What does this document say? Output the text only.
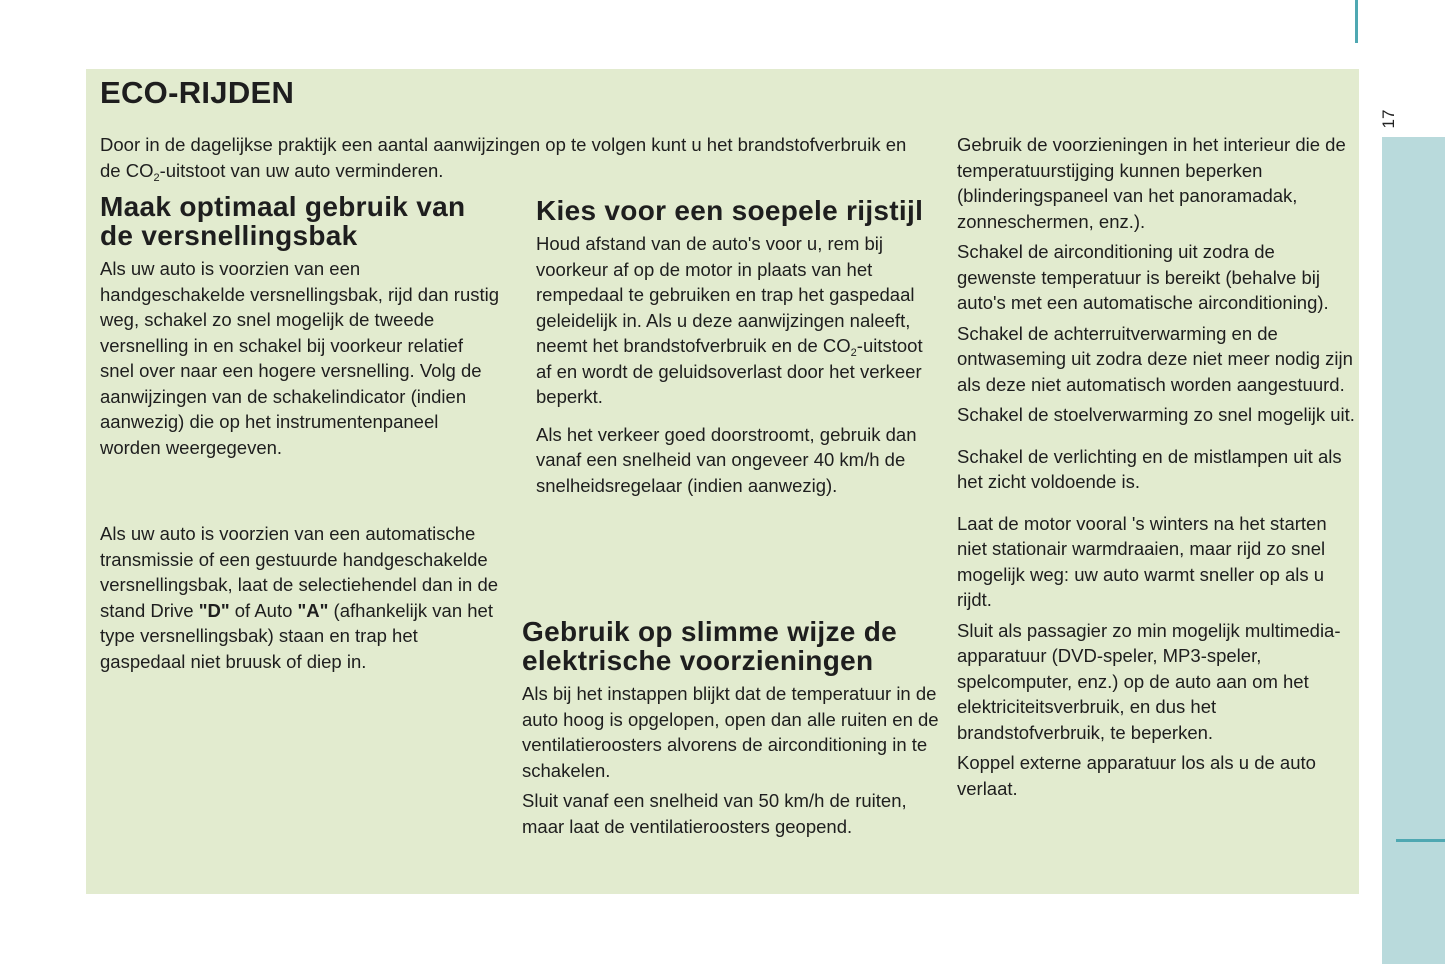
17
ECO-RIJDEN

Door in de dagelijkse praktijk een aantal aanwijzingen op te volgen kunt u het brandstofverbruik en de $CO_2$-uitstoot van uw auto verminderen.

Maak optimaal gebruik van de versnellingsbak

Als uw auto is voorzien van een handgeschakelde versnellingsbak, rijd dan rustig weg, schakel zo snel mogelijk de tweede versnelling in en schakel bij voorkeur relatief snel over naar een hogere versnelling. Volg de aanwijzingen van de schakelindicator (indien aanwezig) die op het instrumentenpaneel worden weergegeven.

Als uw auto is voorzien van een automatische transmissie of een gestuurde handgeschakelde versnellingsbak, laat de selectiehendel dan in de stand Drive "D" of Auto "A" (afhankelijk van het type versnellingsbak) staan en trap het gaspedaal niet bruusk of diep in.

Kies voor een soepele rijstijl

Houd afstand van de auto's voor u, rem bij voorkeur af op de motor in plaats van het rempedaal te gebruiken en trap het gaspedaal geleidelijk in. Als u deze aanwijzingen naleeft, neemt het brandstofverbruik en de $CO_2$-uitstoot af en wordt de geluidsoverlast door het verkeer beperkt.

Als het verkeer goed doorstroomt, gebruik dan vanaf een snelheid van ongeveer 40 km/h de snelheidsregelaar (indien aanwezig).

Gebruik op slimme wijze de elektrische voorzieningen

Als bij het instappen blijkt dat de temperatuur in de auto hoog is opgelopen, open dan alle ruiten en de ventilatieroosters alvorens de airconditioning in te schakelen.

Sluit vanaf een snelheid van 50 km/h de ruiten, maar laat de ventilatieroosters geopend.

Gebruik de voorzieningen in het interieur die de temperatuurstijging kunnen beperken (blinderingspaneel van het panoramadak, zonneschermen, enz.).

Schakel de airconditioning uit zodra de gewenste temperatuur is bereikt (behalve bij auto's met een automatische airconditioning).

Schakel de achterruitverwarming en de ontwaseming uit zodra deze niet meer nodig zijn als deze niet automatisch worden aangestuurd.

Schakel de stoelverwarming zo snel mogelijk uit.

Schakel de verlichting en de mistlampen uit als het zicht voldoende is.

Laat de motor vooral 's winters na het starten niet stationair warmdraaien, maar rijd zo snel mogelijk weg: uw auto warmt sneller op als u rijdt.

Sluit als passagier zo min mogelijk multimedia-apparatuur (DVD-speler, MP3-speler, spelcomputer, enz.) op de auto aan om het elektriciteitsverbruik, en dus het brandstofverbruik, te beperken.

Koppel externe apparatuur los als u de auto verlaat.
